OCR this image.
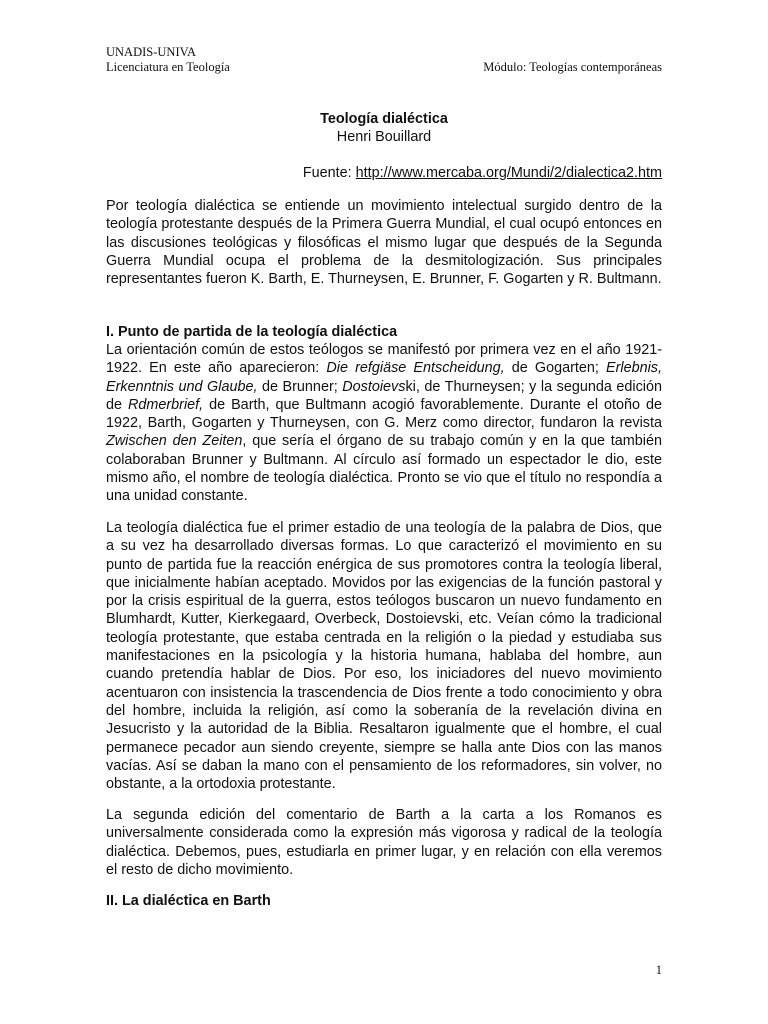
UNADIS-UNIVA
Licenciatura en Teología	Módulo: Teologías contemporáneas
Teología dialéctica
Henri Bouillard
Fuente: http://www.mercaba.org/Mundi/2/dialectica2.htm
Por teología dialéctica se entiende un movimiento intelectual surgido dentro de la teología protestante después de la Primera Guerra Mundial, el cual ocupó entonces en las discusiones teológicas y filosóficas el mismo lugar que después de la Segunda Guerra Mundial ocupa el problema de la desmitologización. Sus principales representantes fueron K. Barth, E. Thurneysen, E. Brunner, F. Gogarten y R. Bultmann.
I. Punto de partida de la teología dialéctica
La orientación común de estos teólogos se manifestó por primera vez en el año 1921-1922. En este año aparecieron: Die refgiäse Entscheidung, de Gogarten; Erlebnis, Erkenntnis und Glaube, de Brunner; Dostoievski, de Thurneysen; y la segunda edición de Rdmerbrief, de Barth, que Bultmann acogió favorablemente. Durante el otoño de 1922, Barth, Gogarten y Thurneysen, con G. Merz como director, fundaron la revista Zwischen den Zeiten, que sería el órgano de su trabajo común y en la que también colaboraban Brunner y Bultmann. Al círculo así formado un espectador le dio, este mismo año, el nombre de teología dialéctica. Pronto se vio que el título no respondía a una unidad constante.
La teología dialéctica fue el primer estadio de una teología de la palabra de Dios, que a su vez ha desarrollado diversas formas. Lo que caracterizó el movimiento en su punto de partida fue la reacción enérgica de sus promotores contra la teología liberal, que inicialmente habían aceptado. Movidos por las exigencias de la función pastoral y por la crisis espiritual de la guerra, estos teólogos buscaron un nuevo fundamento en Blumhardt, Kutter, Kierkegaard, Overbeck, Dostoievski, etc. Veían cómo la tradicional teología protestante, que estaba centrada en la religión o la piedad y estudiaba sus manifestaciones en la psicología y la historia humana, hablaba del hombre, aun cuando pretendía hablar de Dios. Por eso, los iniciadores del nuevo movimiento acentuaron con insistencia la trascendencia de Dios frente a todo conocimiento y obra del hombre, incluida la religión, así como la soberanía de la revelación divina en Jesucristo y la autoridad de la Biblia. Resaltaron igualmente que el hombre, el cual permanece pecador aun siendo creyente, siempre se halla ante Dios con las manos vacías. Así se daban la mano con el pensamiento de los reformadores, sin volver, no obstante, a la ortodoxia protestante.
La segunda edición del comentario de Barth a la carta a los Romanos es universalmente considerada como la expresión más vigorosa y radical de la teología dialéctica. Debemos, pues, estudiarla en primer lugar, y en relación con ella veremos el resto de dicho movimiento.
II. La dialéctica en Barth
1
